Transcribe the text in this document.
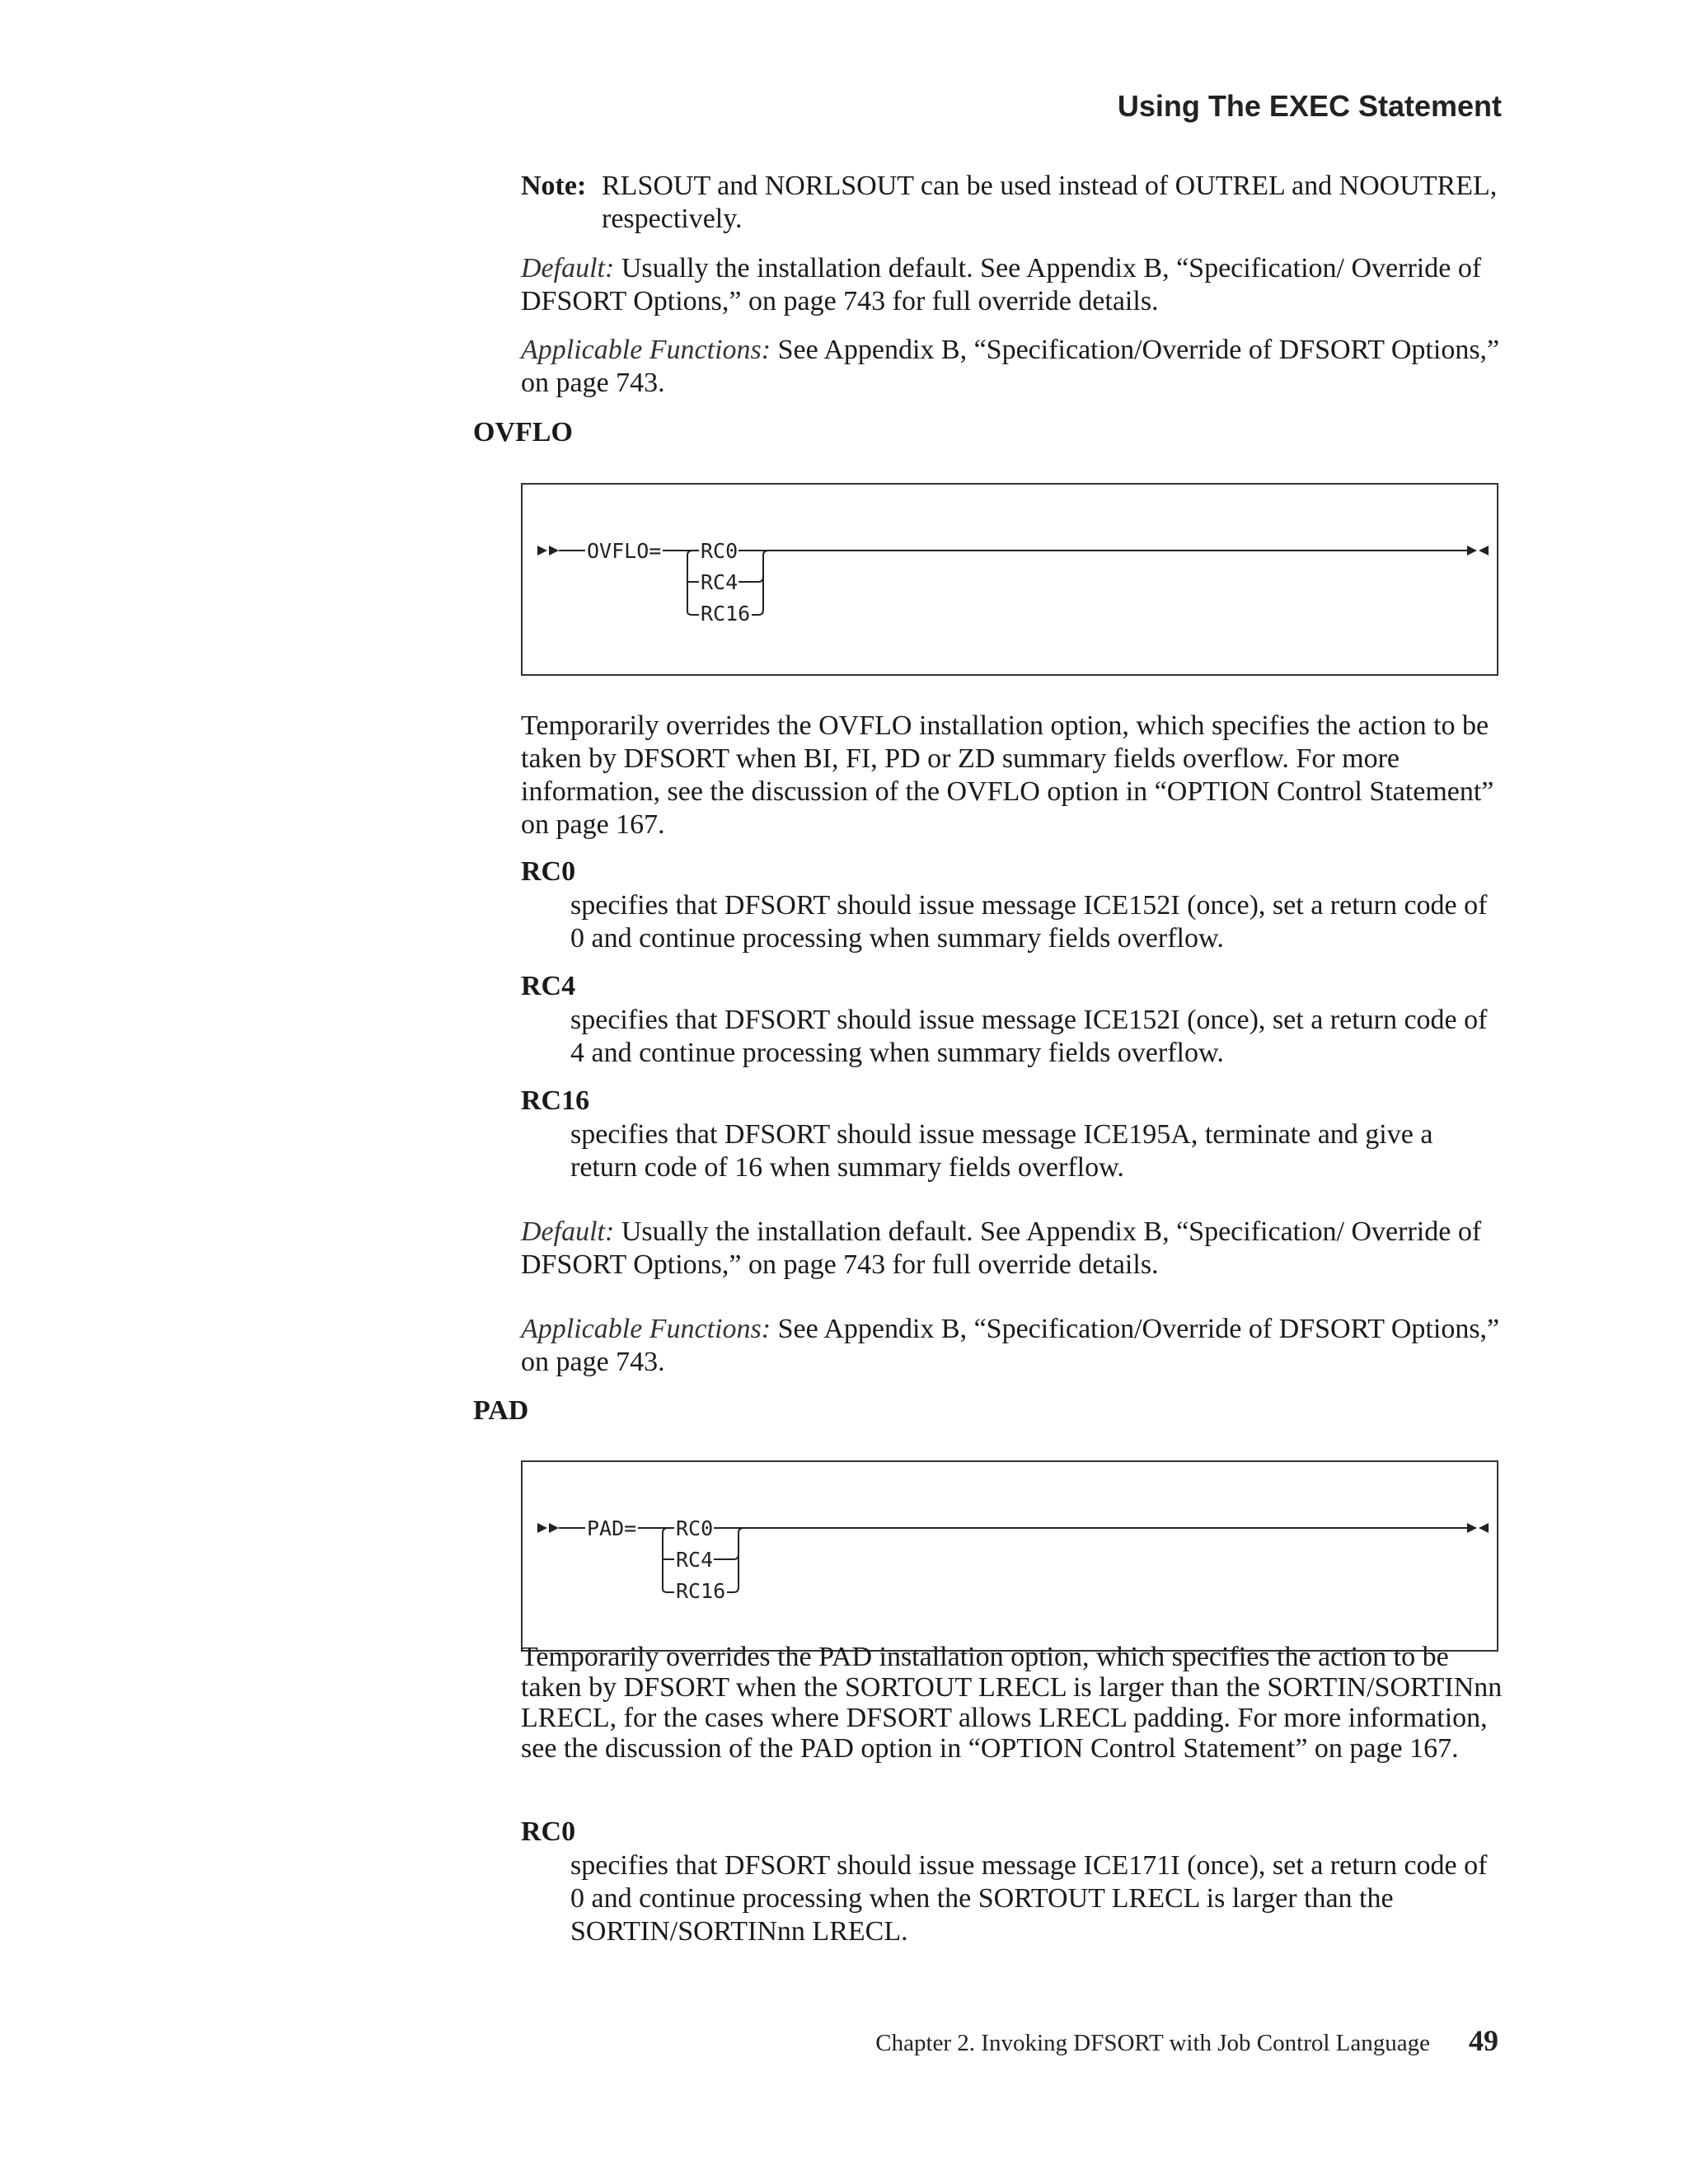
Using The EXEC Statement
Note: RLSOUT and NORLSOUT can be used instead of OUTREL and NOOUTREL, respectively.
Default: Usually the installation default. See Appendix B, “Specification/ Override of DFSORT Options,” on page 743 for full override details.
Applicable Functions: See Appendix B, “Specification/Override of DFSORT Options,” on page 743.
OVFLO
OVFLO= RC0
RC4
RC16
Temporarily overrides the OVFLO installation option, which specifies the action to be taken by DFSORT when BI, FI, PD or ZD summary fields overflow. For more information, see the discussion of the OVFLO option in “OPTION Control Statement” on page 167.
RC0
specifies that DFSORT should issue message ICE152I (once), set a return code of 0 and continue processing when summary fields overflow.
RC4
specifies that DFSORT should issue message ICE152I (once), set a return code of 4 and continue processing when summary fields overflow.
RC16
specifies that DFSORT should issue message ICE195A, terminate and give a return code of 16 when summary fields overflow.
Default: Usually the installation default. See Appendix B, “Specification/ Override of DFSORT Options,” on page 743 for full override details.
Applicable Functions: See Appendix B, “Specification/Override of DFSORT Options,” on page 743.
PAD
PAD= RC0
RC4
RC16
Temporarily overrides the PAD installation option, which specifies the action to be taken by DFSORT when the SORTOUT LRECL is larger than the SORTIN/SORTINnn LRECL, for the cases where DFSORT allows LRECL padding. For more information, see the discussion of the PAD option in “OPTION Control Statement” on page 167.
RC0
specifies that DFSORT should issue message ICE171I (once), set a return code of 0 and continue processing when the SORTOUT LRECL is larger than the SORTIN/SORTINnn LRECL.
Chapter 2. Invoking DFSORT with Job Control Language 49
